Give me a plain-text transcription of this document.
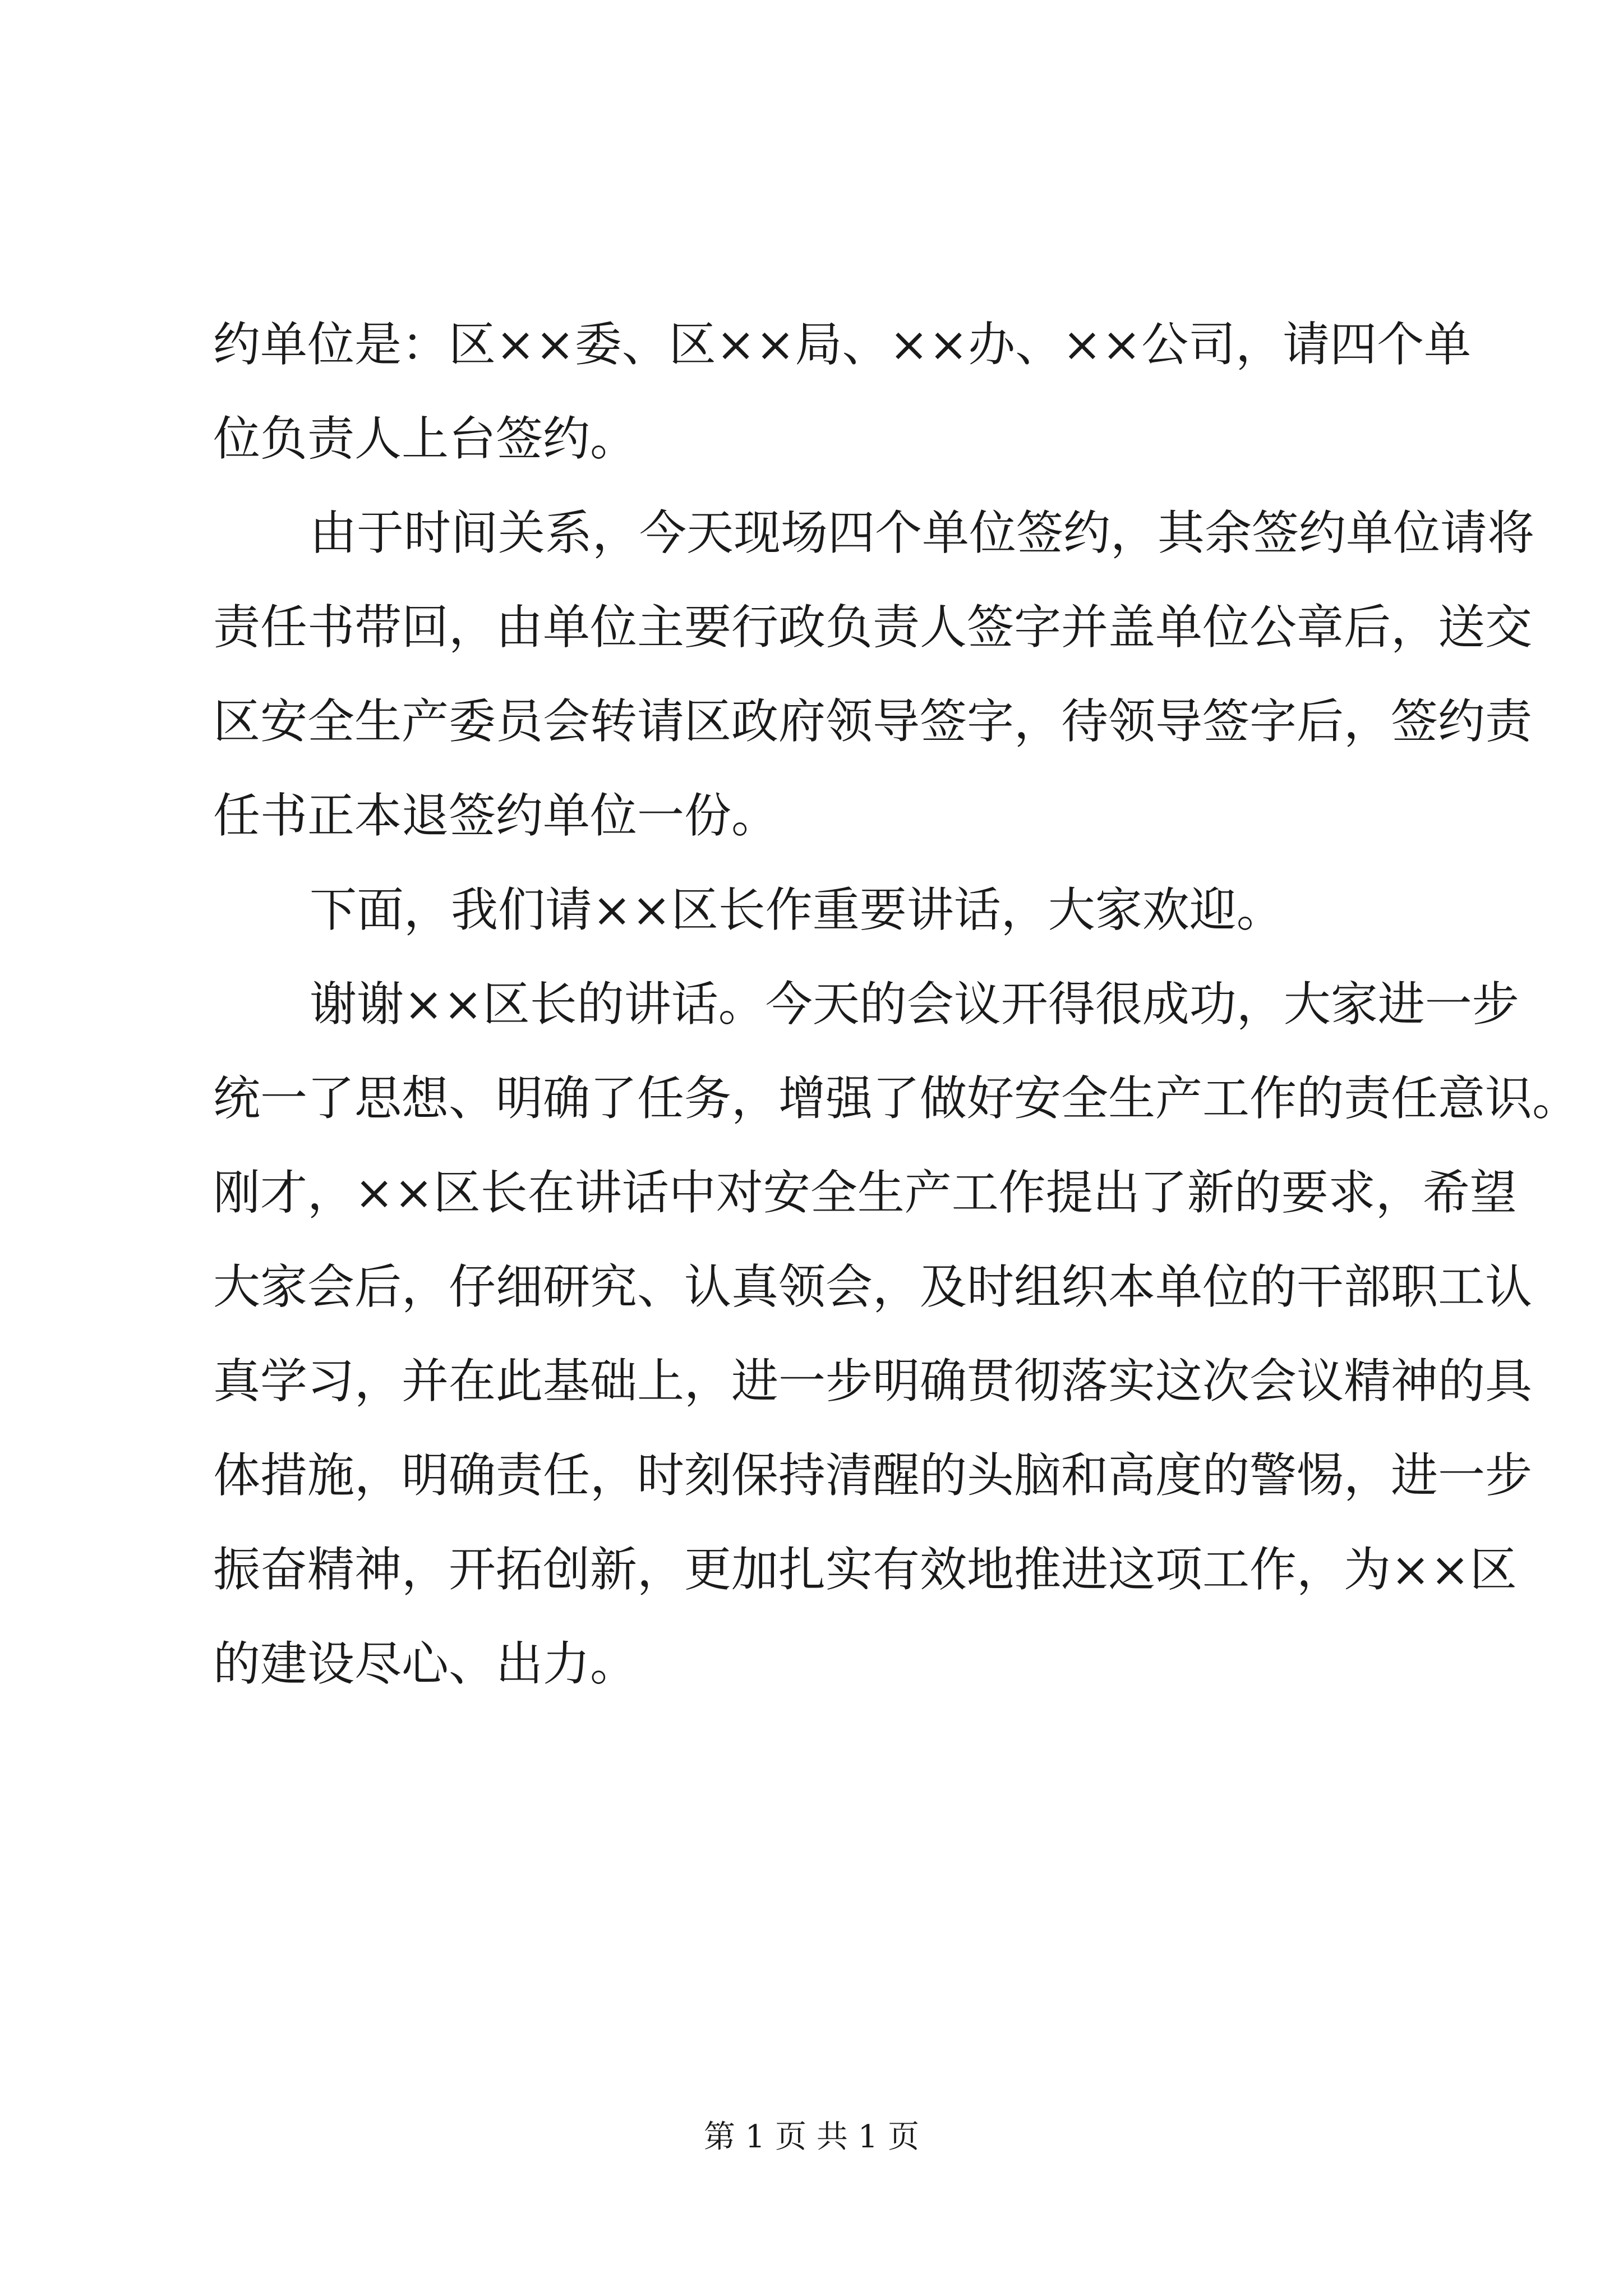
约单位是：区××委、区××局、××办、××公司，请四个单
位负责人上台签约。
由于时间关系，今天现场四个单位签约，其余签约单位请将
责任书带回，由单位主要行政负责人签字并盖单位公章后，送交
区安全生产委员会转请区政府领导签字，待领导签字后，签约责
任书正本退签约单位一份。
下面，我们请××区长作重要讲话，大家欢迎。
谢谢××区长的讲话。今天的会议开得很成功，大家进一步
统一了思想、明确了任务，增强了做好安全生产工作的责任意识。
刚才，××区长在讲话中对安全生产工作提出了新的要求，希望
大家会后，仔细研究、认真领会，及时组织本单位的干部职工认
真学习，并在此基础上，进一步明确贯彻落实这次会议精神的具
体措施，明确责任，时刻保持清醒的头脑和高度的警惕，进一步
振奋精神，开拓创新，更加扎实有效地推进这项工作，为××区
的建设尽心、出力。
第 1 页 共 1 页
